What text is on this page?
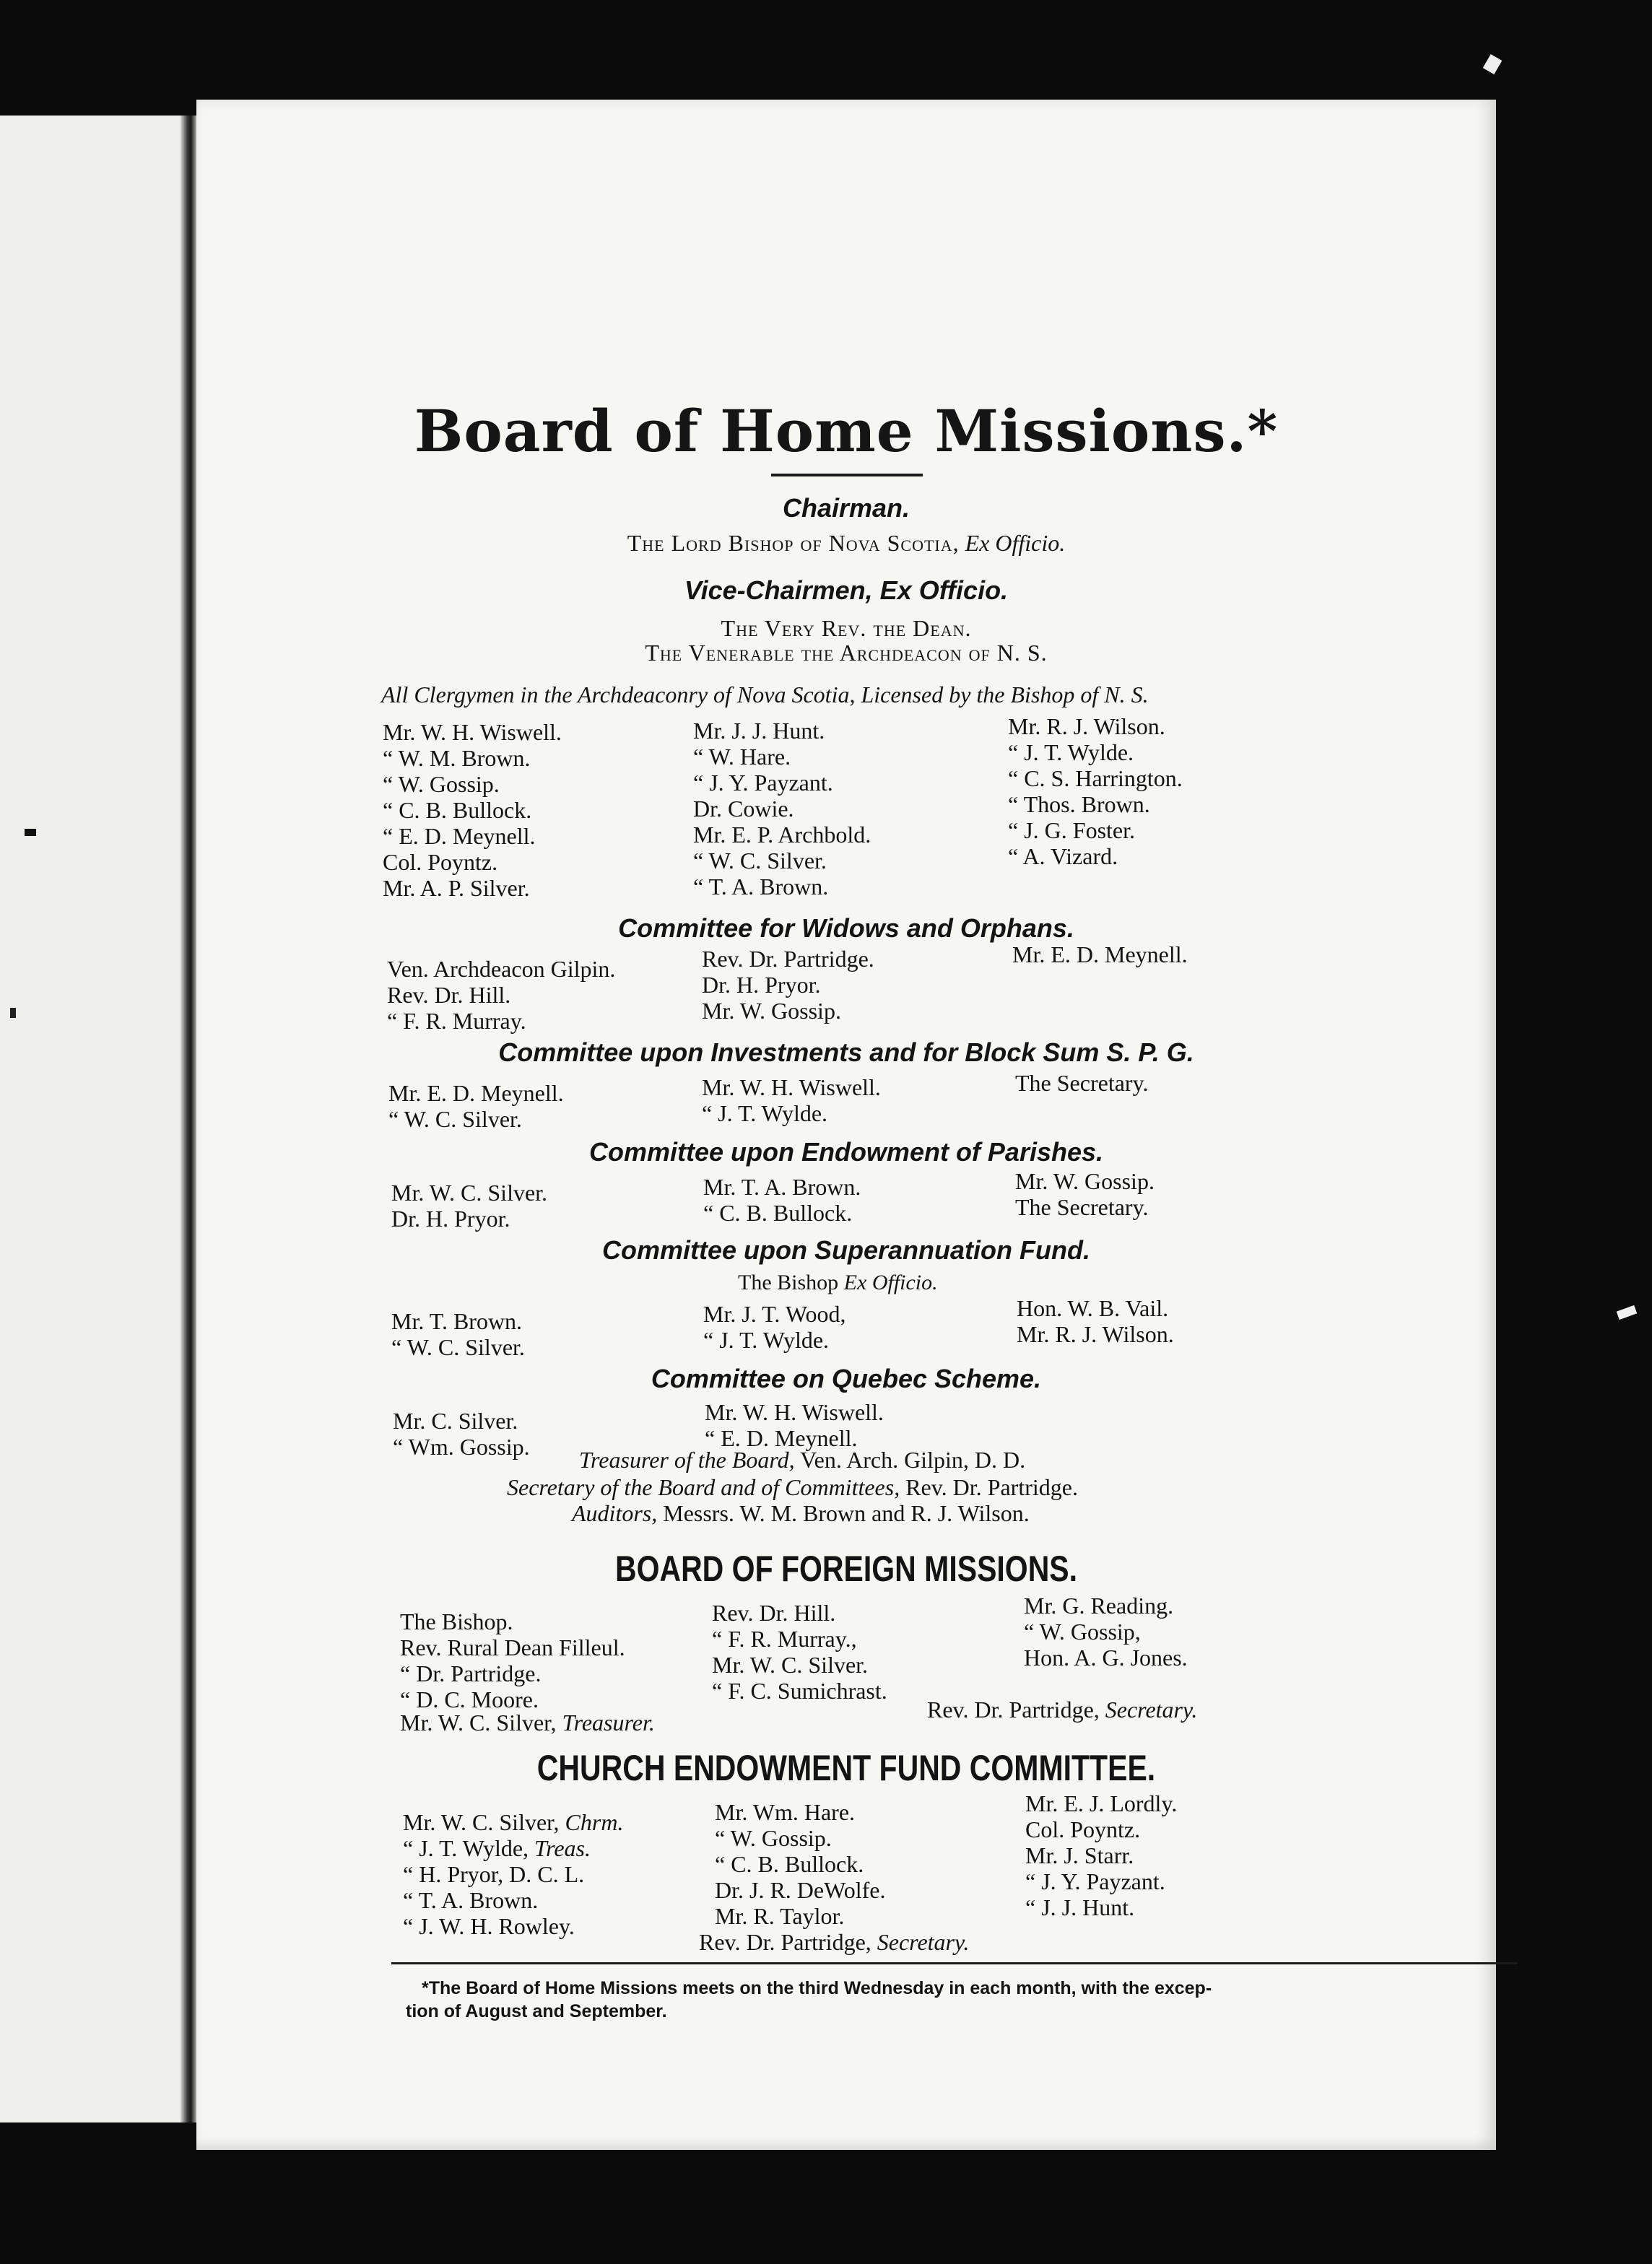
Board of Home Missions.*
Chairman.
The Lord Bishop of Nova Scotia, Ex Officio.
Vice-Chairmen, Ex Officio.
The Very Rev. the Dean.
The Venerable the Archdeacon of N. S.
All Clergymen in the Archdeaconry of Nova Scotia, Licensed by the Bishop of N. S.
Mr. W. H. Wiswell.
“ W. M. Brown.
“ W. Gossip.
“ C. B. Bullock.
“ E. D. Meynell.
Col. Poyntz.
Mr. A. P. Silver.
Mr. J. J. Hunt.
“ W. Hare.
“ J. Y. Payzant.
Dr. Cowie.
Mr. E. P. Archbold.
“ W. C. Silver.
“ T. A. Brown.
Mr. R. J. Wilson.
“ J. T. Wylde.
“ C. S. Harrington.
“ Thos. Brown.
“ J. G. Foster.
“ A. Vizard.
Committee for Widows and Orphans.
Ven. Archdeacon Gilpin.
Rev. Dr. Hill.
“ F. R. Murray.
Rev. Dr. Partridge.
Dr. H. Pryor.
Mr. W. Gossip.
Mr. E. D. Meynell.
Committee upon Investments and for Block Sum S. P. G.
Mr. E. D. Meynell.
“ W. C. Silver.
Mr. W. H. Wiswell.
“ J. T. Wylde.
The Secretary.
Committee upon Endowment of Parishes.
Mr. W. C. Silver.
Dr. H. Pryor.
Mr. T. A. Brown.
“ C. B. Bullock.
Mr. W. Gossip.
The Secretary.
Committee upon Superannuation Fund.
The Bishop Ex Officio.
Mr. T. Brown.
“ W. C. Silver.
Mr. J. T. Wood,
“ J. T. Wylde.
Hon. W. B. Vail.
Mr. R. J. Wilson.
Committee on Quebec Scheme.
Mr. C. Silver.
“ Wm. Gossip.
Mr. W. H. Wiswell.
“ E. D. Meynell.
Treasurer of the Board, Ven. Arch. Gilpin, D. D.
Secretary of the Board and of Committees, Rev. Dr. Partridge.
Auditors, Messrs. W. M. Brown and R. J. Wilson.
BOARD OF FOREIGN MISSIONS.
The Bishop.
Rev. Rural Dean Filleul.
“ Dr. Partridge.
“ D. C. Moore.
Rev. Dr. Hill.
“ F. R. Murray.,
Mr. W. C. Silver.
“ F. C. Sumichrast.
Mr. G. Reading.
“ W. Gossip,
Hon. A. G. Jones.
Mr. W. C. Silver, Treasurer.	Rev. Dr. Partridge, Secretary.
CHURCH ENDOWMENT FUND COMMITTEE.
Mr. W. C. Silver, Chrm.
“ J. T. Wylde, Treas.
“ H. Pryor, D. C. L.
“ T. A. Brown.
“ J. W. H. Rowley.
Mr. Wm. Hare.
“ W. Gossip.
“ C. B. Bullock.
Dr. J. R. DeWolfe.
Mr. R. Taylor.
Mr. E. J. Lordly.
Col. Poyntz.
Mr. J. Starr.
“ J. Y. Payzant.
“ J. J. Hunt.
Rev. Dr. Partridge, Secretary.
*The Board of Home Missions meets on the third Wednesday in each month, with the excep-
tion of August and September.
